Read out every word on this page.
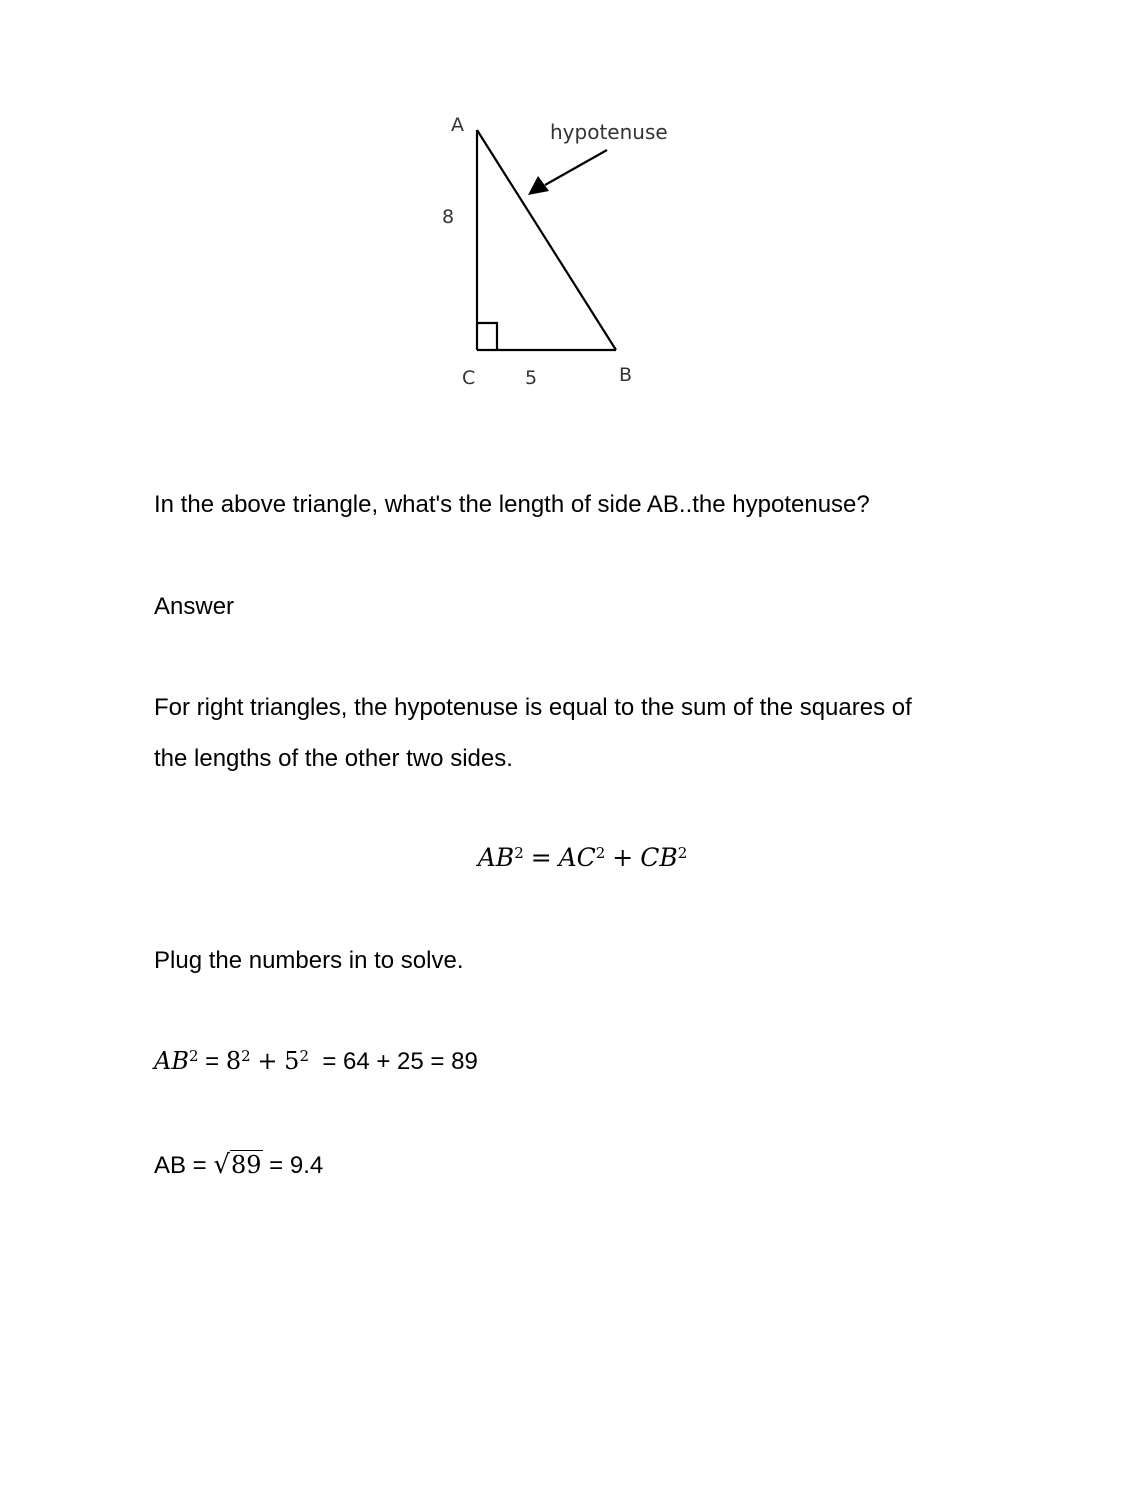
A
8
C	5	B
hypotenuse

In the above triangle, what's the length of side AB..the hypotenuse?

Answer

For right triangles, the hypotenuse is equal to the sum of the squares of

the lengths of the other two sides.

$AB^2 = AC^2 + CB^2$

Plug the numbers in to solve.

$AB^2 = 8^2 + 5^2 = 64 + 25 = 89$

AB = √89 = 9.4
